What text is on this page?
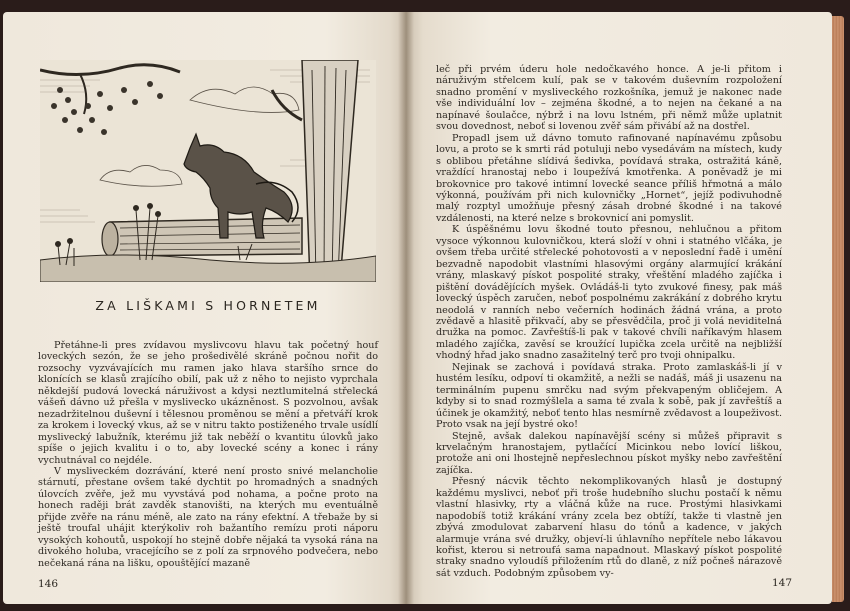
ZA LIŠKAMI S HORNETEM

Přetáhne-li pres zvídavou myslivcovu hlavu tak početný houf loveckých sezón, že se jeho prošedivělé skráně počnou nořit do rozsochy vyzvávajících mu ramen jako hlava staršího srnce do klonících se klasů zrajícího obilí, pak už z něho to nejisto vyprchala někdejší pudová lovecká náruživost a kdysi neztlumitelná střelecká vášeň dávno už přešla v myslivecko ukázněnost. S pozvolnou, avšak nezadržitelnou duševní i tělesnou proměnou se mění a přetváří krok za krokem i lovecký vkus, až se v nitru takto postiženého trvale usídlí myslivecký labužník, kterému již tak neběží o kvantitu úlovků jako spíše o jejich kvalitu i o to, aby lovecké scény a konec i rány vychutnával co nejdéle.

V mysliveckém dozrávání, které není prosto snivé melancholie stárnutí, přestane ovšem také dychtit po hromadných a snadných úlovcích zvěře, jež mu vyvstává pod nohama, a počne proto na honech raději brát zavděk stanovišti, na kterých mu eventuálně přijde zvěře na ránu méně, ale zato na rány efektní. A třebaže by si ještě troufal uhájit kterýkoliv roh bažantího remízu proti náporu vysokých kohoutů, uspokojí ho stejně dobře nějaká ta vysoká rána na divokého holuba, vracejícího se z polí za srpnového podvečera, nebo nečekaná rána na lišku, opouštějící mazaně

146

leč při prvém úderu hole nedočkavého honce. A je-li přitom i náruživým střelcem kulí, pak se v takovém duševním rozpoložení snadno promění v mysliveckého rozkošníka, jemuž je nakonec nade vše individuální lov – zejména škodné, a to nejen na čekané a na napínavé šoulačce, nýbrž i na lovu lstném, při němž může uplatnit svou dovednost, neboť si lovenou zvěř sám přivábí až na dostřel.

Propadl jsem už dávno tomuto rafinované napínavému způsobu lovu, a proto se k smrti rád potuluji nebo vysedávám na místech, kudy s oblibou přetáhne slídivá šedivka, povídavá straka, ostražitá káně, vraždící hranostaj nebo i loupežívá kmotřenka. A poněvadž je mi brokovnice pro takové intimní lovecké seance příliš hřmotná a málo výkonná, používám při nich kulovničky „Hornet“, jejíž podivuhodně malý rozptyl umožňuje přesný zásah drobné škodné i na takové vzdálenosti, na které nelze s brokovnicí ani pomyslit.

K úspěšnému lovu škodné touto přesnou, nehlučnou a přitom vysoce výkonnou kulovničkou, která složí v ohni i statného vlčáka, je ovšem třeba určité střelecké pohotovosti a v neposlední řadě i umění bezvadně napodobit vlastními hlasovými orgány alarmující krákání vrány, mlaskavý pískot pospolité straky, vřeštění mladého zajíčka i pištění dovádějících myšek. Ovládáš-li tyto zvukové finesy, pak máš lovecký úspěch zaručen, neboť pospolnému zakrákání z dobrého krytu neodolá v ranních nebo večerních hodinách žádná vrána, a proto zvědavě a hlasitě přikvačí, aby se přesvědčila, proč ji volá neviditelná družka na pomoc. Zavřeštíš-li pak v takové chvíli naříkavým hlasem mladého zajíčka, zavěsí se kroužící lupička zcela určitě na nejbližší vhodný hřad jako snadno zasažitelný terč pro tvoji ohnipalku.

Nejinak se zachová i povídavá straka. Proto zamlaskáš-li jí v hustém lesíku, odpoví ti okamžitě, a nežli se nadáš, máš ji usazenu na terminálním pupenu smrčku nad svým překvapeným obličejem. A kdyby si to snad rozmýšlela a sama té zvala k sobě, pak jí zavřeštíš a účinek je okamžitý, neboť tento hlas nesmírně zvědavost a loupeživost. Proto vsak na její bystré oko!

Stejně, avšak dalekou napínavější scény si můžeš připravit s krvelačným hranostajem, pytlačící Micinkou nebo lovící liškou, protože ani oni lhostejně nepřeslechnou pískot myšky nebo zavřeštění zajíčka.

Přesný nácvik těchto nekomplikovaných hlasů je dostupný každému myslivci, neboť při troše hudebního sluchu postačí k němu vlastní hlasivky, rty a vláčná kůže na ruce. Prostými hlasivkami napodobíš totiž krákání vrány zcela bez obtíží, takže ti vlastně jen zbývá zmodulovat zabarvení hlasu do tónů a kadence, v jakých alarmuje vrána své družky, objeví-li úhlavního nepřítele nebo lákavou kořist, kterou si netroufá sama napadnout. Mlaskavý pískot pospolité straky snadno vyloudíš přiložením rtů do dlaně, z níž počneš nárazově sát vzduch. Podobným způsobem vy-

147
